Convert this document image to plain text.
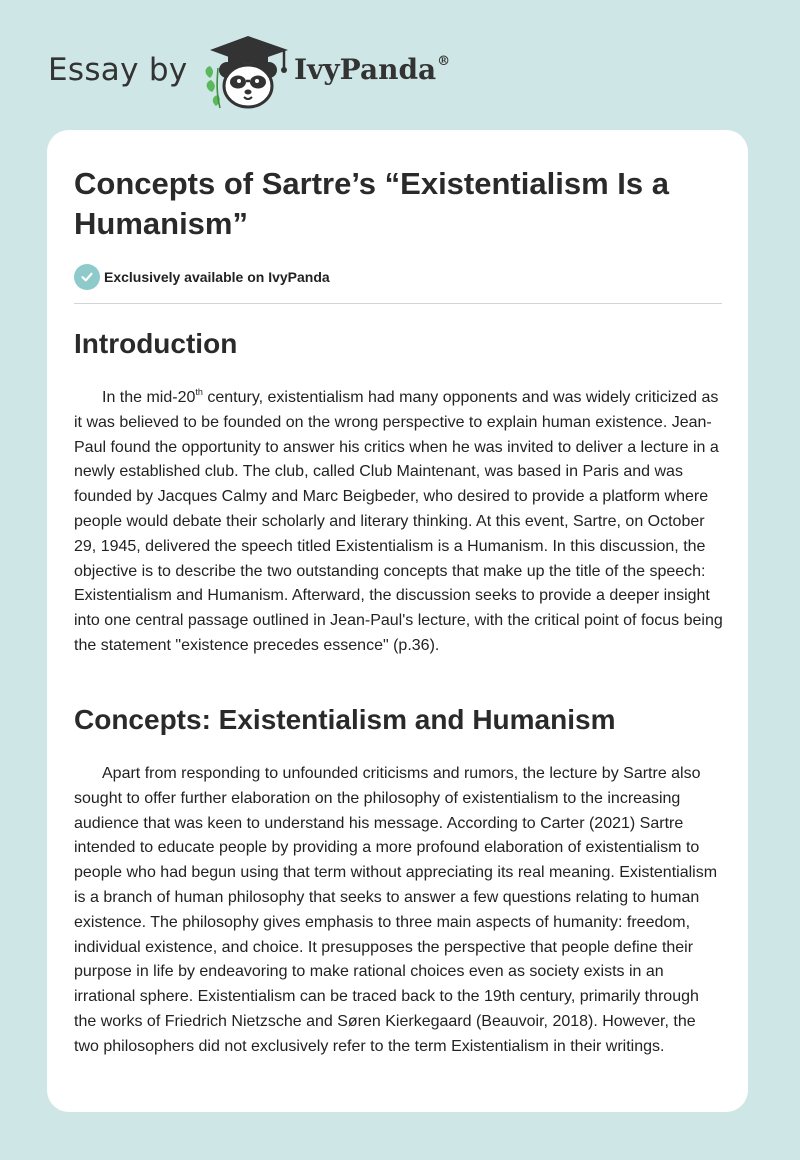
Essay by	IvyPanda®
Concepts of Sartre’s “Existentialism Is a Humanism”
Exclusively available on IvyPanda
Introduction

In the mid-20th century, existentialism had many opponents and was widely criticized as it was believed to be founded on the wrong perspective to explain human existence. Jean-Paul found the opportunity to answer his critics when he was invited to deliver a lecture in a newly established club. The club, called Club Maintenant, was based in Paris and was founded by Jacques Calmy and Marc Beigbeder, who desired to provide a platform where people would debate their scholarly and literary thinking. At this event, Sartre, on October 29, 1945, delivered the speech titled Existentialism is a Humanism. In this discussion, the objective is to describe the two outstanding concepts that make up the title of the speech: Existentialism and Humanism. Afterward, the discussion seeks to provide a deeper insight into one central passage outlined in Jean-Paul's lecture, with the critical point of focus being the statement "existence precedes essence" (p.36).

Concepts: Existentialism and Humanism

Apart from responding to unfounded criticisms and rumors, the lecture by Sartre also sought to offer further elaboration on the philosophy of existentialism to the increasing audience that was keen to understand his message. According to Carter (2021) Sartre intended to educate people by providing a more profound elaboration of existentialism to people who had begun using that term without appreciating its real meaning. Existentialism is a branch of human philosophy that seeks to answer a few questions relating to human existence. The philosophy gives emphasis to three main aspects of humanity: freedom, individual existence, and choice. It presupposes the perspective that people define their purpose in life by endeavoring to make rational choices even as society exists in an irrational sphere. Existentialism can be traced back to the 19th century, primarily through the works of Friedrich Nietzsche and Søren Kierkegaard (Beauvoir, 2018). However, the two philosophers did not exclusively refer to the term Existentialism in their writings.
